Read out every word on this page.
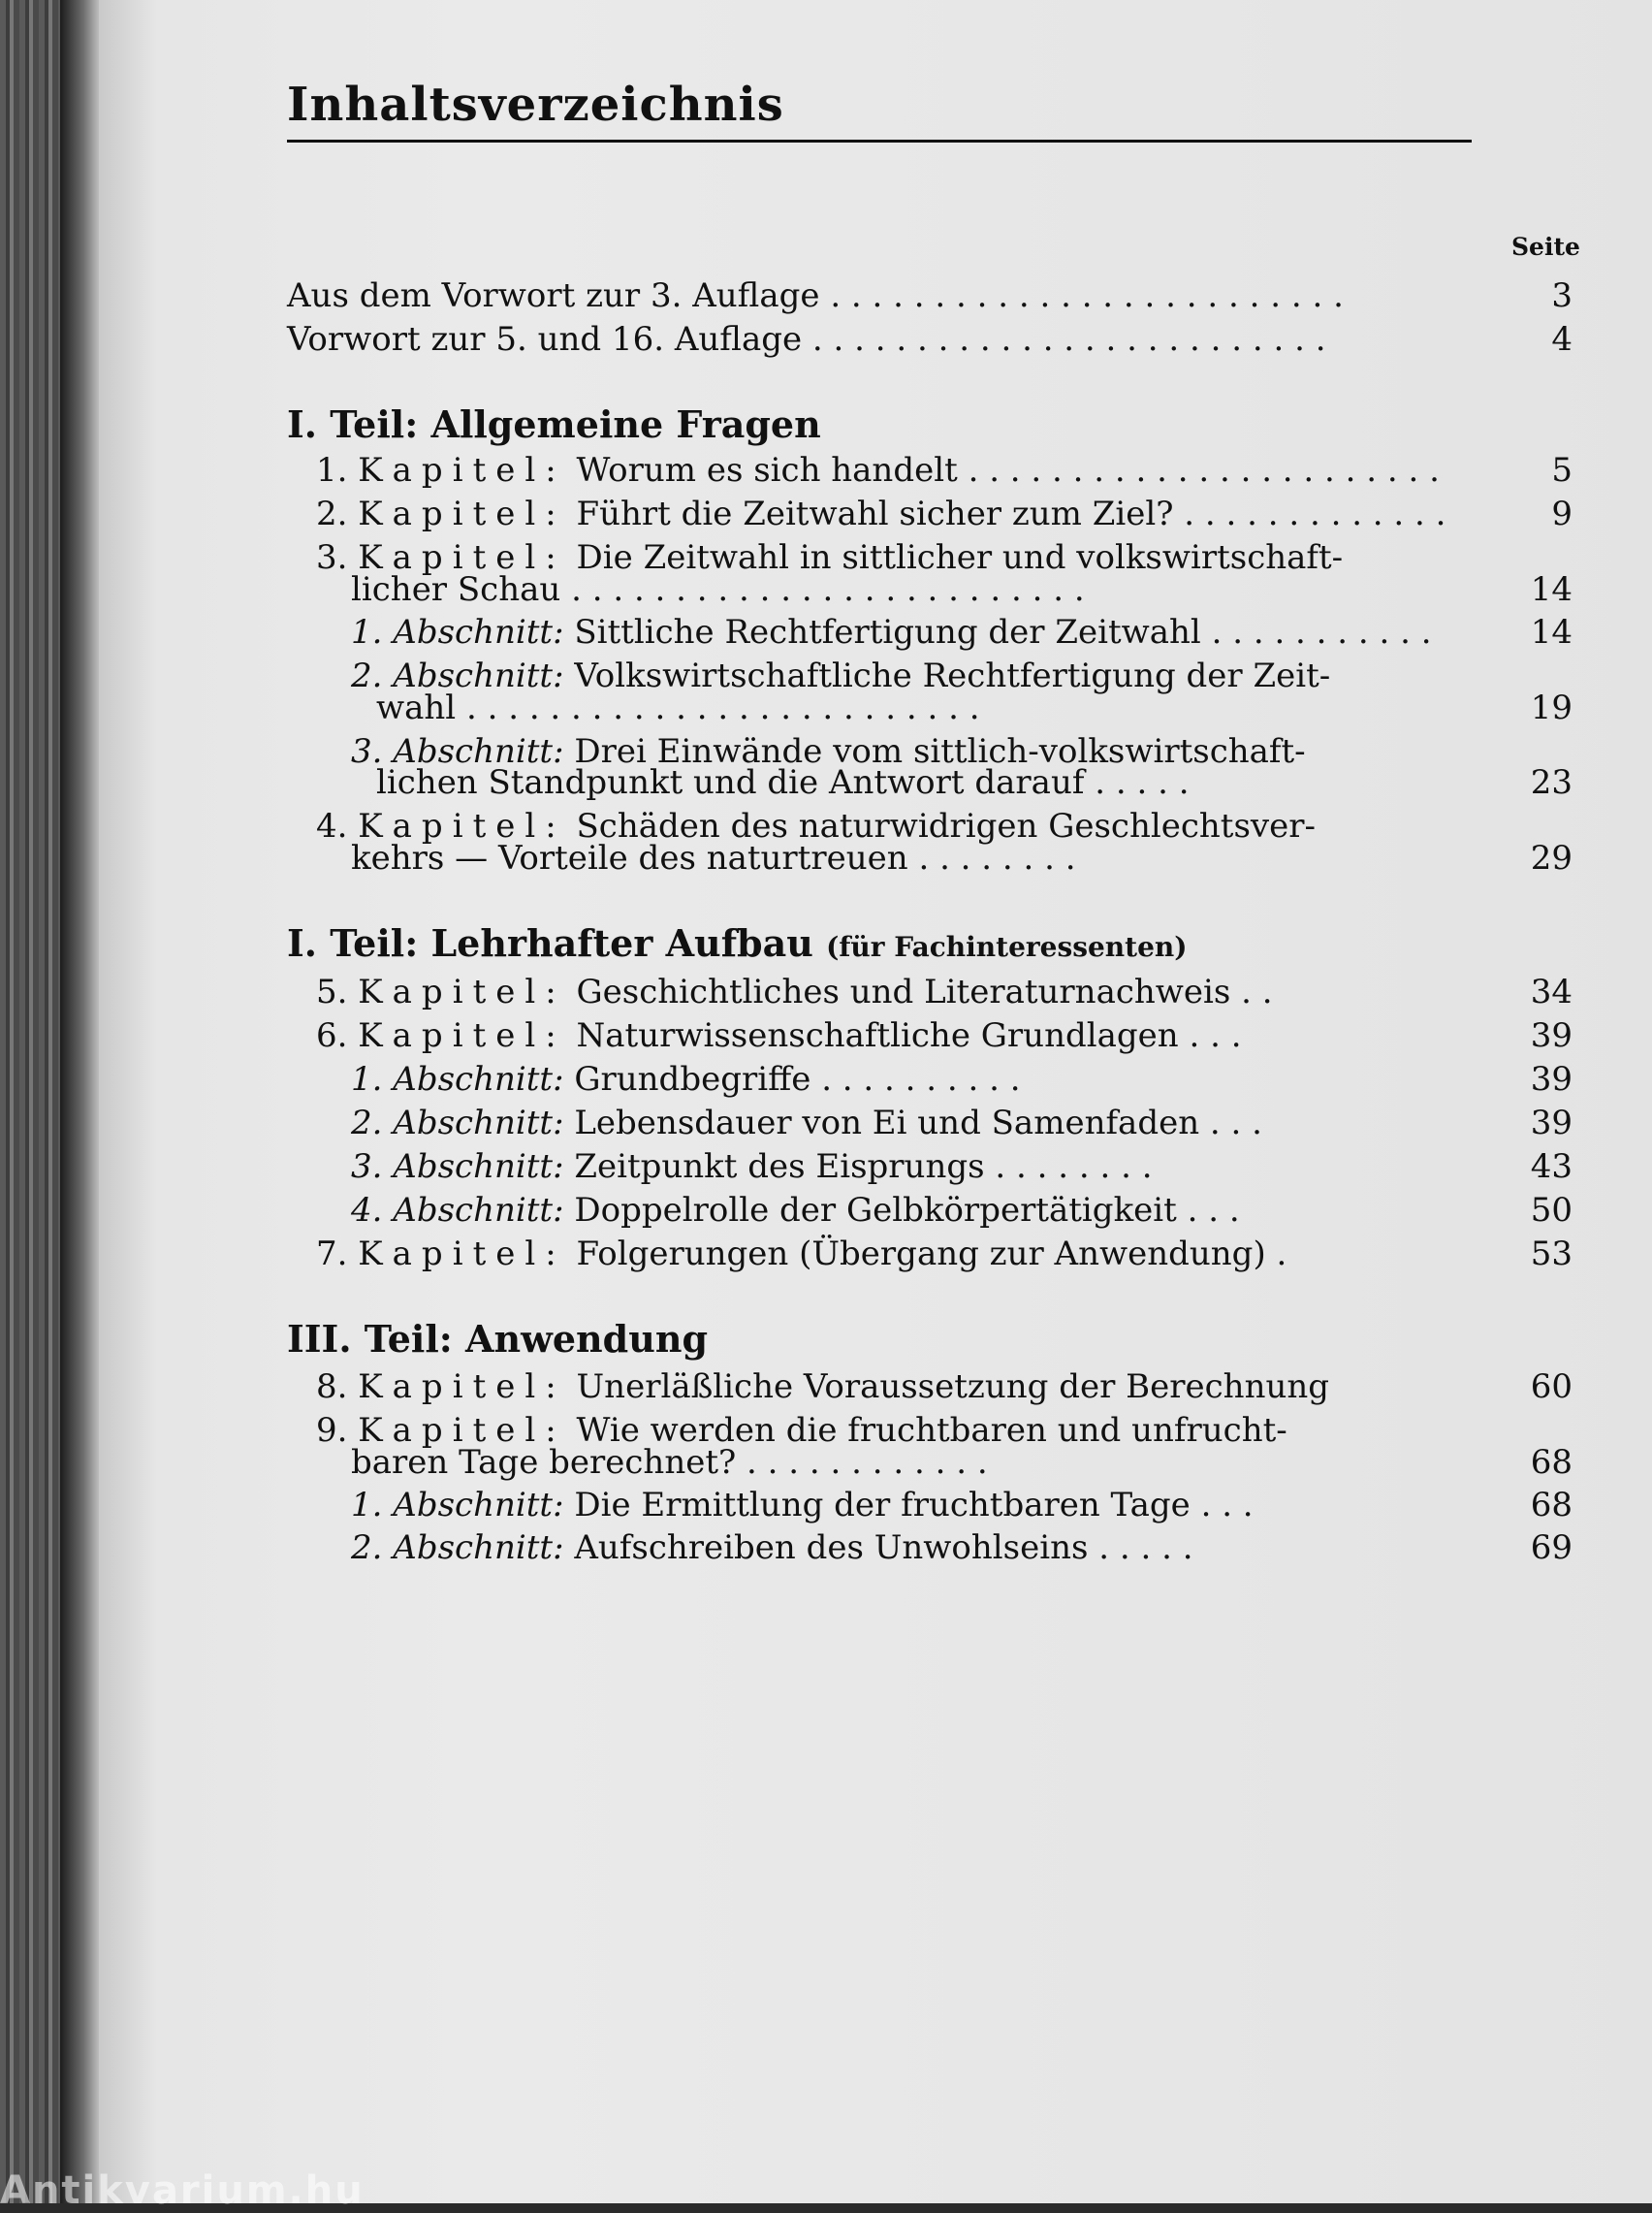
Inhaltsverzeichnis
Seite
Aus dem Vorwort zur 3. Auflage . . . . . . . . . . . . . . . . . . . . . . . . .	3
Vorwort zur 5. und 16. Auflage . . . . . . . . . . . . . . . . . . . . . . . . .	4
I. Teil: Allgemeine Fragen
1. Kapitel: Worum es sich handelt . . . . . . . . . . . . . . . . . . . . . . .	5
2. Kapitel: Führt die Zeitwahl sicher zum Ziel? . . . . . . . . . . . . .	9
3. Kapitel: Die Zeitwahl in sittlicher und volkswirtschaft-
licher Schau . . . . . . . . . . . . . . . . . . . . . . . . .	14
1. Abschnitt: Sittliche Rechtfertigung der Zeitwahl . . . . . . . . . . .	14
2. Abschnitt: Volkswirtschaftliche Rechtfertigung der Zeit-
wahl . . . . . . . . . . . . . . . . . . . . . . . . .	19
3. Abschnitt: Drei Einwände vom sittlich-volkswirtschaft-
lichen Standpunkt und die Antwort darauf . . . . .	23
4. Kapitel: Schäden des naturwidrigen Geschlechtsver-
kehrs — Vorteile des naturtreuen . . . . . . . .	29
I. Teil: Lehrhafter Aufbau (für Fachinteressenten)
5. Kapitel: Geschichtliches und Literaturnachweis . .	34
6. Kapitel: Naturwissenschaftliche Grundlagen . . .	39
1. Abschnitt: Grundbegriffe . . . . . . . . . .	39
2. Abschnitt: Lebensdauer von Ei und Samenfaden . . .	39
3. Abschnitt: Zeitpunkt des Eisprungs . . . . . . . .	43
4. Abschnitt: Doppelrolle der Gelbkörpertätigkeit . . .	50
7. Kapitel: Folgerungen (Übergang zur Anwendung) .	53
III. Teil: Anwendung
8. Kapitel: Unerläßliche Voraussetzung der Berechnung	60
9. Kapitel: Wie werden die fruchtbaren und unfrucht-
baren Tage berechnet? . . . . . . . . . . . .	68
1. Abschnitt: Die Ermittlung der fruchtbaren Tage . . .	68
2. Abschnitt: Aufschreiben des Unwohlseins . . . . .	69
Antikvarium.hu
